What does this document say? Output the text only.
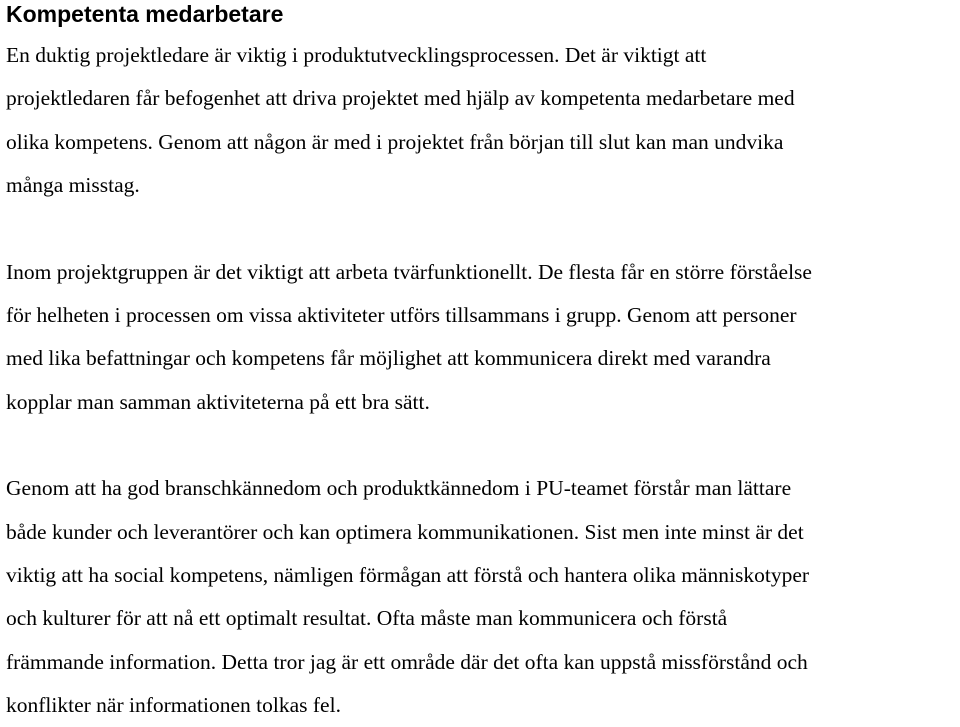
Kompetenta medarbetare

En duktig projektledare är viktig i produktutvecklingsprocessen. Det är viktigt att
projektledaren får befogenhet att driva projektet med hjälp av kompetenta medarbetare med
olika kompetens. Genom att någon är med i projektet från början till slut kan man undvika
många misstag.

Inom projektgruppen är det viktigt att arbeta tvärfunktionellt. De flesta får en större förståelse
för helheten i processen om vissa aktiviteter utförs tillsammans i grupp. Genom att personer
med lika befattningar och kompetens får möjlighet att kommunicera direkt med varandra
kopplar man samman aktiviteterna på ett bra sätt.

Genom att ha god branschkännedom och produktkännedom i PU-teamet förstår man lättare
både kunder och leverantörer och kan optimera kommunikationen. Sist men inte minst är det
viktig att ha social kompetens, nämligen förmågan att förstå och hantera olika människotyper
och kulturer för att nå ett optimalt resultat. Ofta måste man kommunicera och förstå
främmande information. Detta tror jag är ett område där det ofta kan uppstå missförstånd och
konflikter när informationen tolkas fel.
